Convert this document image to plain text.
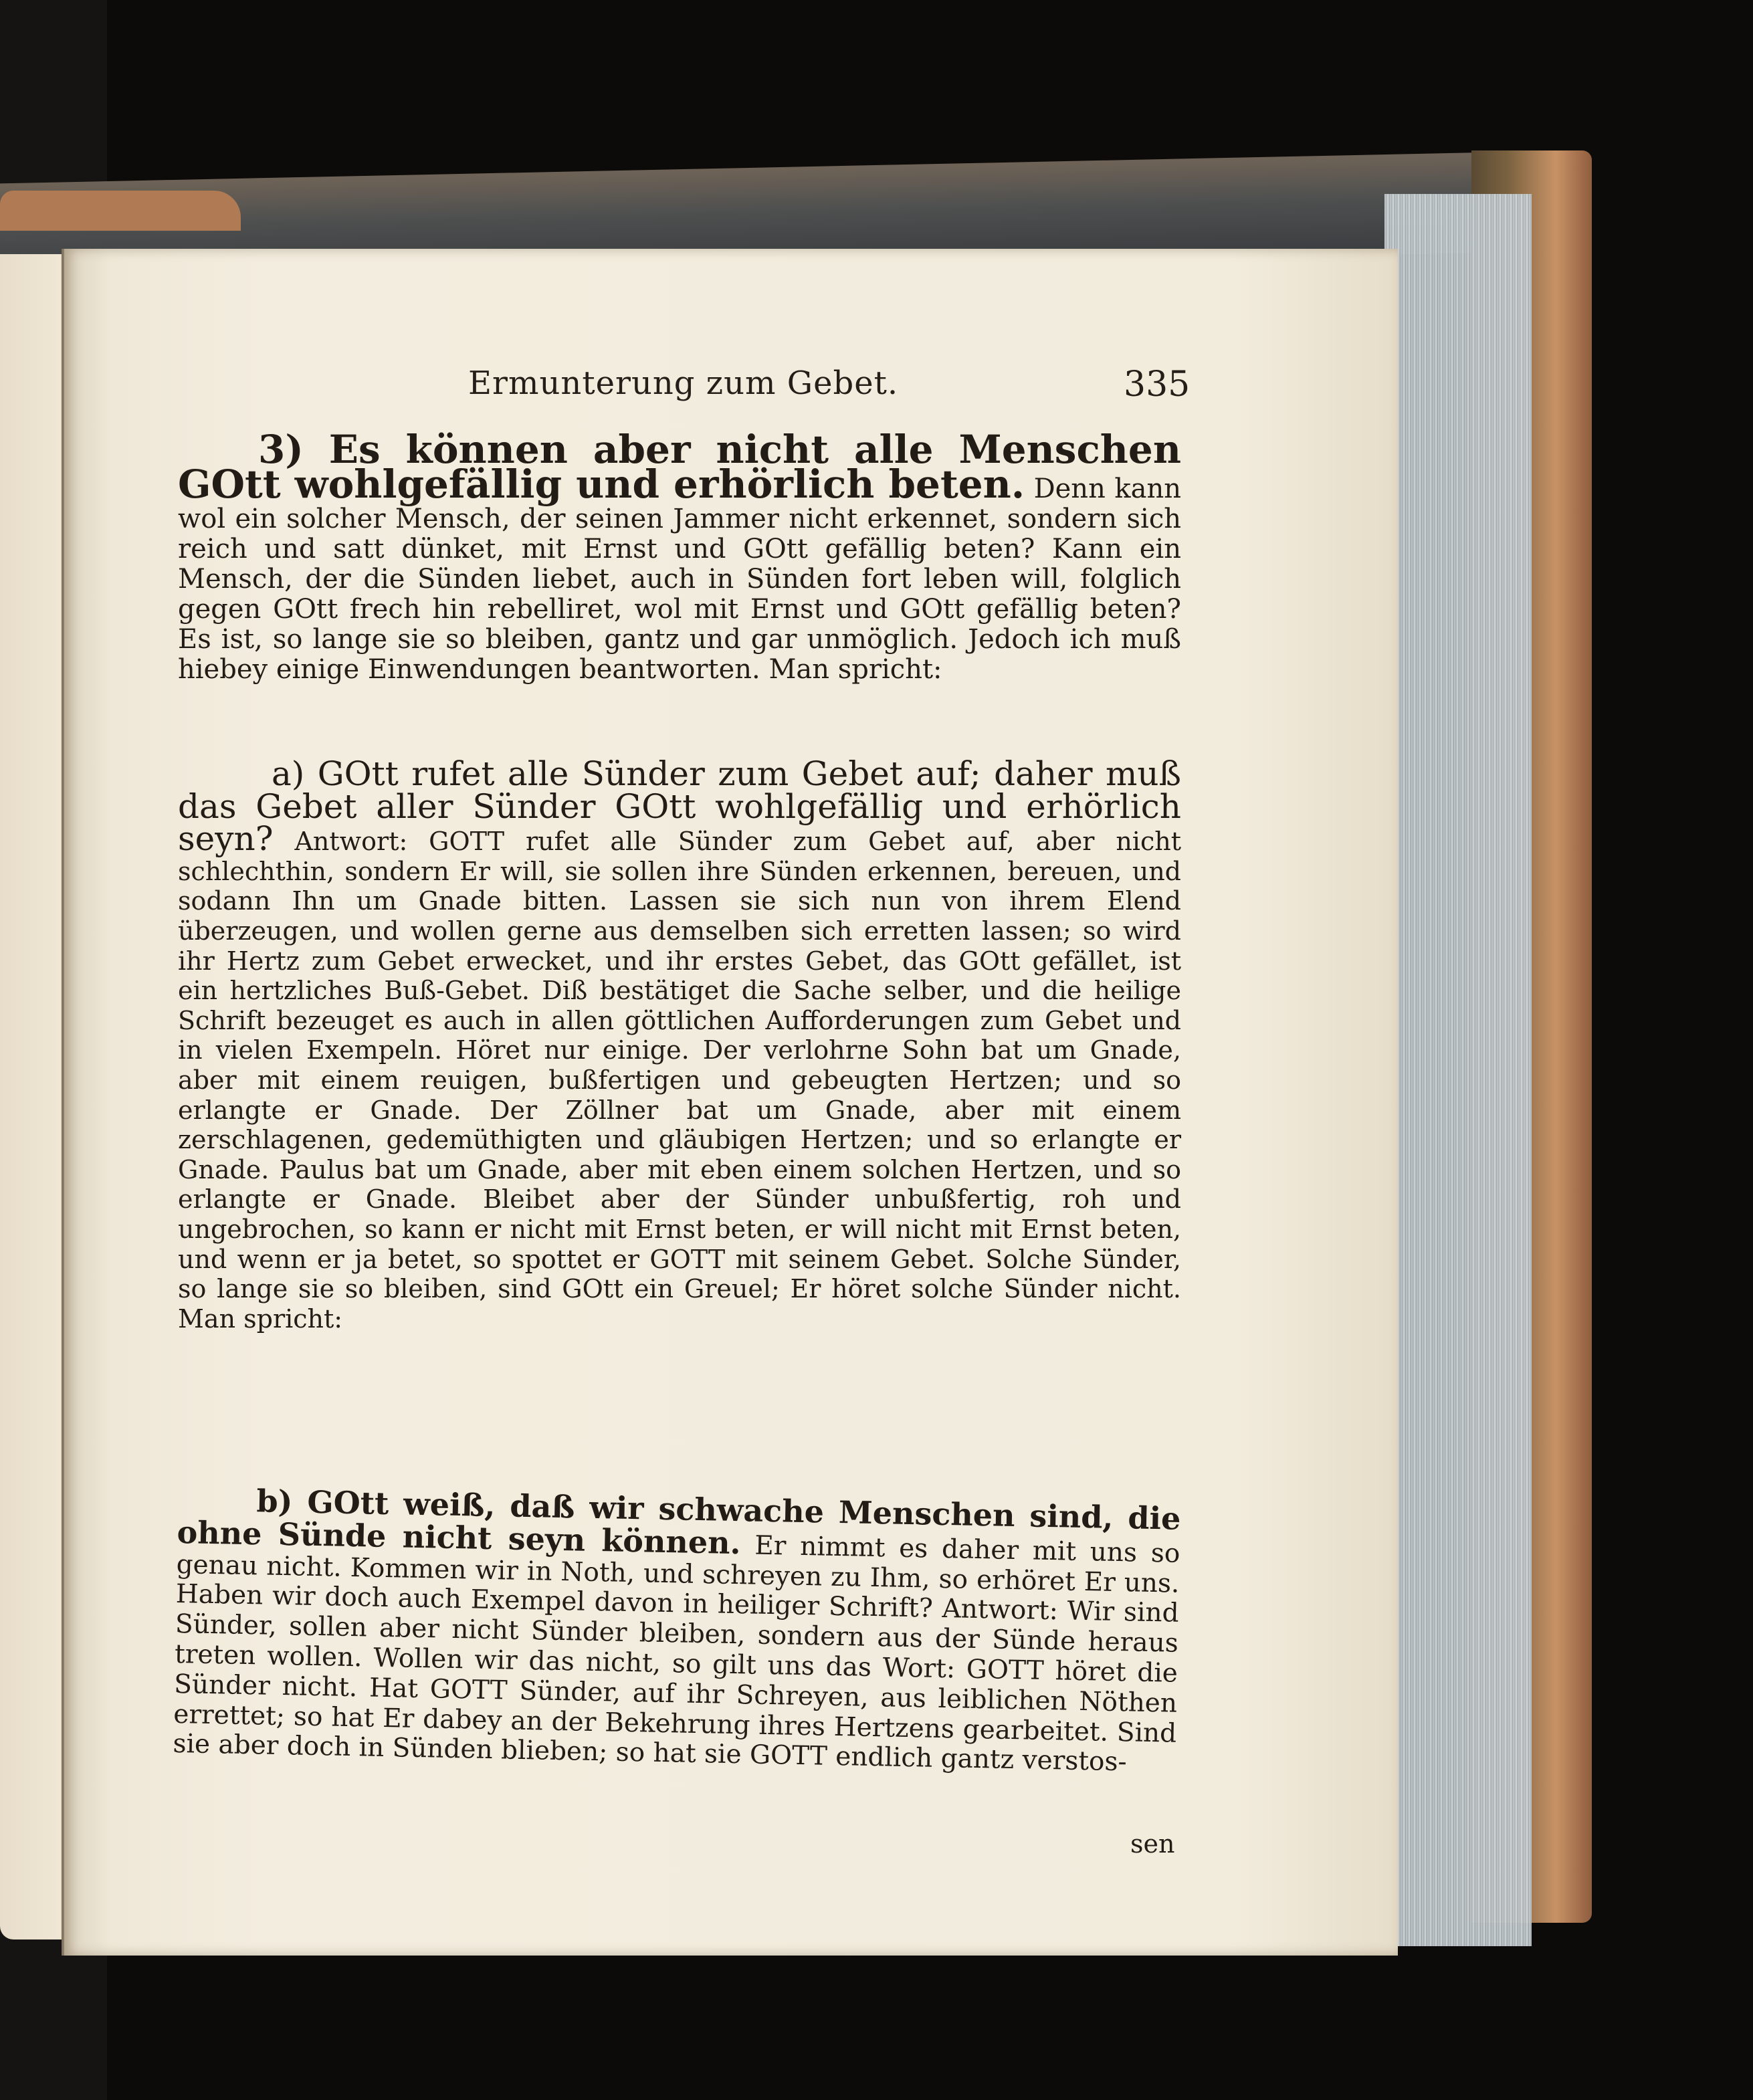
Ermunterung zum Gebet.	335

3) Es können aber nicht alle Menschen GOtt wohlgefällig und erhörlich beten. Denn kann wol ein solcher Mensch, der seinen Jammer nicht erkennet, sondern sich reich und satt dünket, mit Ernst und GOtt gefällig beten? Kann ein Mensch, der die Sünden liebet, auch in Sünden fort leben will, folglich gegen GOtt frech hin rebelliret, wol mit Ernst und GOtt gefällig beten? Es ist, so lange sie so bleiben, gantz und gar unmöglich. Jedoch ich muß hiebey einige Einwendungen beantworten. Man spricht:

a) GOtt rufet alle Sünder zum Gebet auf; daher muß das Gebet aller Sünder GOtt wohlgefällig und erhörlich seyn? Antwort: GOTT rufet alle Sünder zum Gebet auf, aber nicht schlechthin, sondern Er will, sie sollen ihre Sünden erkennen, bereuen, und sodann Ihn um Gnade bitten. Lassen sie sich nun von ihrem Elend überzeugen, und wollen gerne aus demselben sich erretten lassen; so wird ihr Hertz zum Gebet erwecket, und ihr erstes Gebet, das GOtt gefället, ist ein hertzliches Buß-Gebet. Diß bestätiget die Sache selber, und die heilige Schrift bezeuget es auch in allen göttlichen Aufforderungen zum Gebet und in vielen Exempeln. Höret nur einige. Der verlohrne Sohn bat um Gnade, aber mit einem reuigen, bußfertigen und gebeugten Hertzen; und so erlangte er Gnade. Der Zöllner bat um Gnade, aber mit einem zerschlagenen, gedemüthigten und gläubigen Hertzen; und so erlangte er Gnade. Paulus bat um Gnade, aber mit eben einem solchen Hertzen, und so erlangte er Gnade. Bleibet aber der Sünder unbußfertig, roh und ungebrochen, so kann er nicht mit Ernst beten, er will nicht mit Ernst beten, und wenn er ja betet, so spottet er GOTT mit seinem Gebet. Solche Sünder, so lange sie so bleiben, sind GOtt ein Greuel; Er höret solche Sünder nicht. Man spricht:

b) GOtt weiß, daß wir schwache Menschen sind, die ohne Sünde nicht seyn können. Er nimmt es daher mit uns so genau nicht. Kommen wir in Noth, und schreyen zu Ihm, so erhöret Er uns. Haben wir doch auch Exempel davon in heiliger Schrift? Antwort: Wir sind Sünder, sollen aber nicht Sünder bleiben, sondern aus der Sünde heraus treten wollen. Wollen wir das nicht, so gilt uns das Wort: GOTT höret die Sünder nicht. Hat GOTT Sünder, auf ihr Schreyen, aus leiblichen Nöthen errettet; so hat Er dabey an der Bekehrung ihres Hertzens gearbeitet. Sind sie aber doch in Sünden blieben; so hat sie GOTT endlich gantz verstos-

sen
